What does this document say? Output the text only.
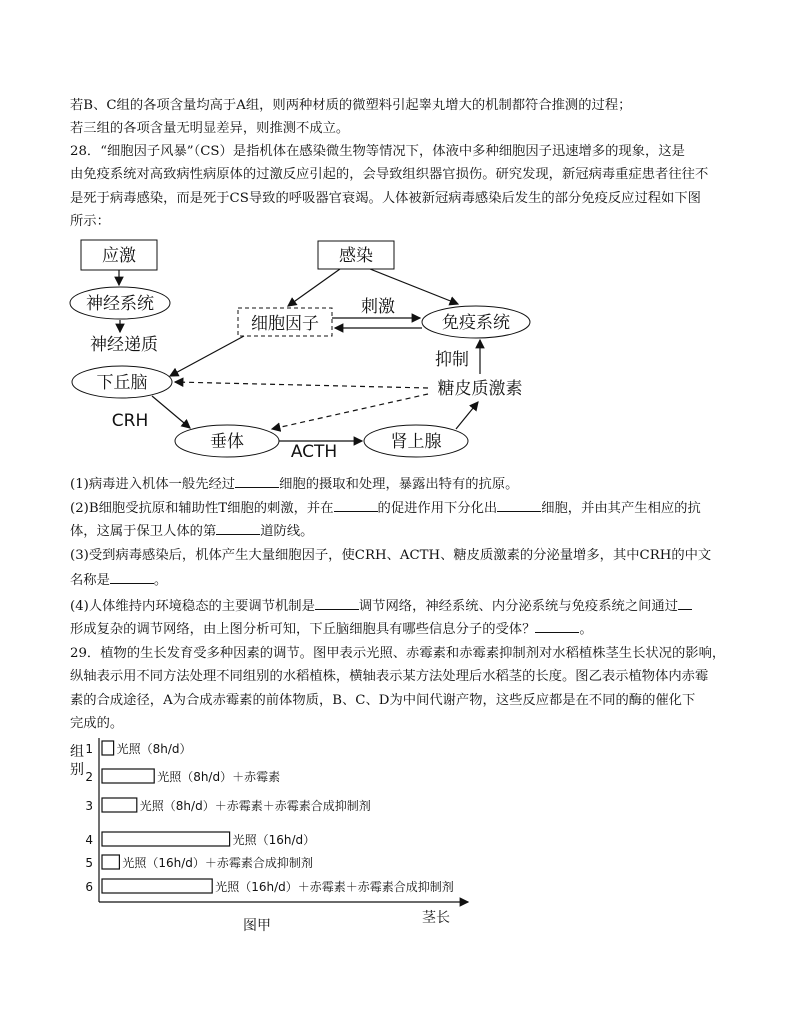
若B、C组的各项含量均高于A组，则两种材质的微塑料引起睾丸增大的机制都符合推测的过程；
若三组的各项含量无明显差异，则推测不成立。
28．“细胞因子风暴”（CS）是指机体在感染微生物等情况下，体液中多种细胞因子迅速增多的现象，这是
由免疫系统对高致病性病原体的过激反应引起的，会导致组织器官损伤。研究发现，新冠病毒重症患者往往不
是死于病毒感染，而是死于CS导致的呼吸器官衰竭。人体被新冠病毒感染后发生的部分免疫反应过程如下图
所示：
应激	感染
神经系统
细胞因子	免疫系统
刺激
神经递质
抑制
下丘脑	糖皮质激素
CRH
垂体	ACTH	肾上腺
(1)病毒进入机体一般先经过	细胞的摄取和处理，暴露出特有的抗原。
(2)B细胞受抗原和辅助性T细胞的刺激，并在	的促进作用下分化出	细胞，并由其产生相应的抗
体，这属于保卫人体的第	道防线。
(3)受到病毒感染后，机体产生大量细胞因子，使CRH、ACTH、糖皮质激素的分泌量增多，其中CRH的中文
名称是	。
(4)人体维持内环境稳态的主要调节机制是	调节网络，神经系统、内分泌系统与免疫系统之间通过
形成复杂的调节网络，由上图分析可知，下丘脑细胞具有哪些信息分子的受体？	。
29．植物的生长发育受多种因素的调节。图甲表示光照、赤霉素和赤霉素抑制剂对水稻植株茎生长状况的影响，
纵轴表示用不同方法处理不同组别的水稻植株，横轴表示某方法处理后水稻茎的长度。图乙表示植物体内赤霉
素的合成途径，A为合成赤霉素的前体物质，B、C、D为中间代谢产物，这些反应都是在不同的酶的催化下
完成的。
组
别
茎长
图甲
1 光照（8h/d）
2	光照（8h/d）＋赤霉素
3	光照（8h/d）＋赤霉素＋赤霉素合成抑制剂
4	光照（16h/d）
5 光照（16h/d）＋赤霉素合成抑制剂
6	光照（16h/d）＋赤霉素＋赤霉素合成抑制剂
